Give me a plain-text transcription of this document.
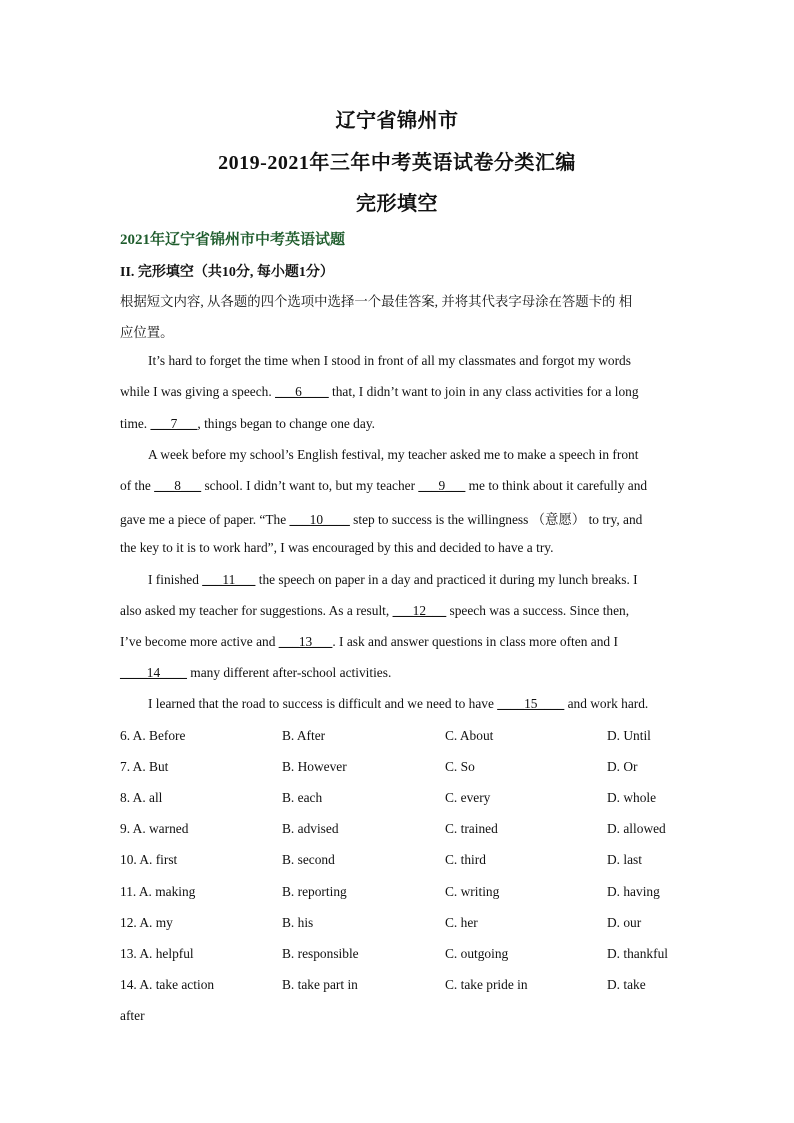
辽宁省锦州市
2019-2021年三年中考英语试卷分类汇编
完形填空
2021年辽宁省锦州市中考英语试题
II. 完形填空（共10分, 每小题1分）
根据短文内容, 从各题的四个选项中选择一个最佳答案, 并将其代表字母涂在答题卡的 相
应位置。
It’s hard to forget the time when I stood in front of all my classmates and forgot my words
while I was giving a speech. ___6____ that, I didn’t want to join in any class activities for a long
time. ___7___, things began to change one day.
A week before my school’s English festival, my teacher asked me to make a speech in front
of the ___8___ school. I didn’t want to, but my teacher ___9___ me to think about it carefully and
gave me a piece of paper. “The ___10____ step to success is the willingness （意愿） to try, and
the key to it is to work hard”, I was encouraged by this and decided to have a try.
I finished ___11___ the speech on paper in a day and practiced it during my lunch breaks. I
also asked my teacher for suggestions. As a result, ___12___ speech was a success. Since then,
I’ve become more active and ___13___. I ask and answer questions in class more often and I
____14____ many different after-school activities.
I learned that the road to success is difficult and we need to have ____15____ and work hard.
6. A. Before	B. After	C. About	D. Until
7. A. But	B. However	C. So	D. Or
8. A. all	B. each	C. every	D. whole
9. A. warned	B. advised	C. trained	D. allowed
10. A. first	B. second	C. third	D. last
11. A. making	B. reporting	C. writing	D. having
12. A. my	B. his	C. her	D. our
13. A. helpful	B. responsible	C. outgoing	D. thankful
14. A. take action	B. take part in	C. take pride in	D. take
after
